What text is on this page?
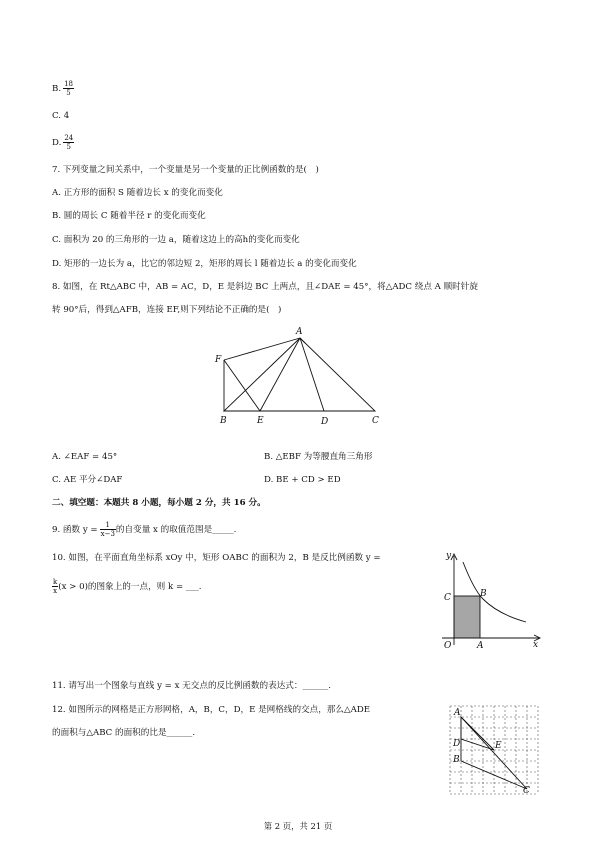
B. $\frac{18}{5}$
C. 4
D. $\frac{24}{5}$
7. 下列变量之间关系中，一个变量是另一个变量的正比例函数的是(　)
A. 正方形的面积 S 随着边长 x 的变化而变化
B. 圆的周长 C 随着半径 r 的变化而变化
C. 面积为 20 的三角形的一边 a，随着这边上的高h的变化而变化
D. 矩形的一边长为 a，比它的邻边短 2，矩形的周长 l 随着边长 a 的变化而变化
8. 如图，在 Rt△ABC 中，AB = AC，D，E 是斜边 BC 上两点，且∠DAE = 45°，将△ADC 绕点 A 顺时针旋
转 90°后，得到△AFB，连接 EF,则下列结论不正确的是(　)
A
F
B	E	D	C
A. ∠EAF = 45°	B. △EBF 为等腰直角三角形
C. AE 平分∠DAF	D. BE + CD > ED
二、填空题：本题共 8 小题，每小题 2 分，共 16 分。
9. 函数 $y = \frac{1}{x-3}$ 的自变量 x 的取值范围是_____.
10. 如图，在平面直角坐标系 xOy 中，矩形 OABC 的面积为 2，B 是反比例函数 y =
$\frac{k}{x} (x > 0)$的图象上的一点，则 k = ___.
y
x
O	A
B
C
11. 请写出一个图象与直线 y = x 无交点的反比例函数的表达式：______.
12. 如图所示的网格是正方形网格，A，B，C，D，E 是网格线的交点，那么△ADE
的面积与△ABC 的面积的比是______.
A
D
B
E
C
第 2 页，共 21 页
